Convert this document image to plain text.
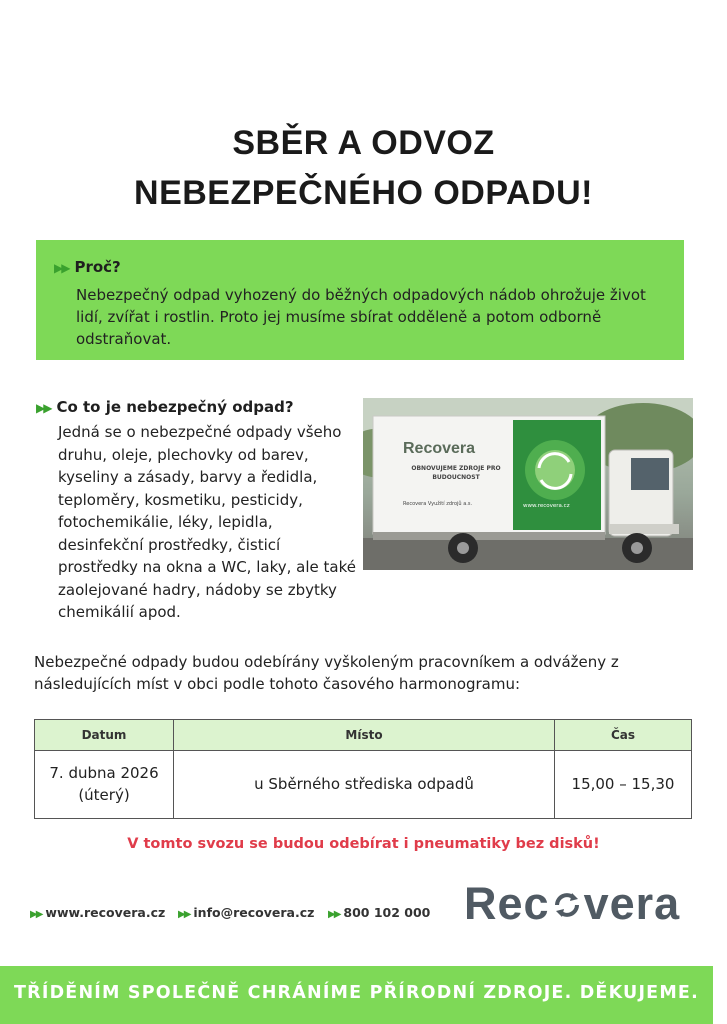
SBĚR A ODVOZ
NEBEZPEČNÉHO ODPADU!
▶▶ Proč?
Nebezpečný odpad vyhozený do běžných odpadových nádob ohrožuje život lidí, zvířat i rostlin. Proto jej musíme sbírat odděleně a potom odborně odstraňovat.
▶▶ Co to je nebezpečný odpad?
Jedná se o nebezpečné odpady všeho druhu, oleje, plechovky od barev, kyseliny a zásady, barvy a ředidla, teploměry, kosmetiku, pesticidy, fotochemikálie, léky, lepidla, desinfekční prostředky, čisticí prostředky na okna a WC, laky, ale také zaolejované hadry, nádoby se zbytky chemikálií apod.
Recovera
OBNOVUJEME ZDROJE PRO BUDOUCNOST
Recovera Využití zdrojů a.s.	www.recovera.cz
Nebezpečné odpady budou odebírány vyškoleným pracovníkem a odváženy z následujících míst v obci podle tohoto časového harmonogramu:
Datum	Místo	Čas
7. dubna 2026
(úterý)
u Sběrného střediska odpadů	15,00 – 15,30
V tomto svozu se budou odebírat i pneumatiky bez disků!
▶▶ www.recovera.cz ▶▶ info@recovera.cz ▶▶ 800 102 000 Rec vera
TŘÍDĚNÍM SPOLEČNĚ CHRÁNÍME PŘÍRODNÍ ZDROJE. DĚKUJEME.
